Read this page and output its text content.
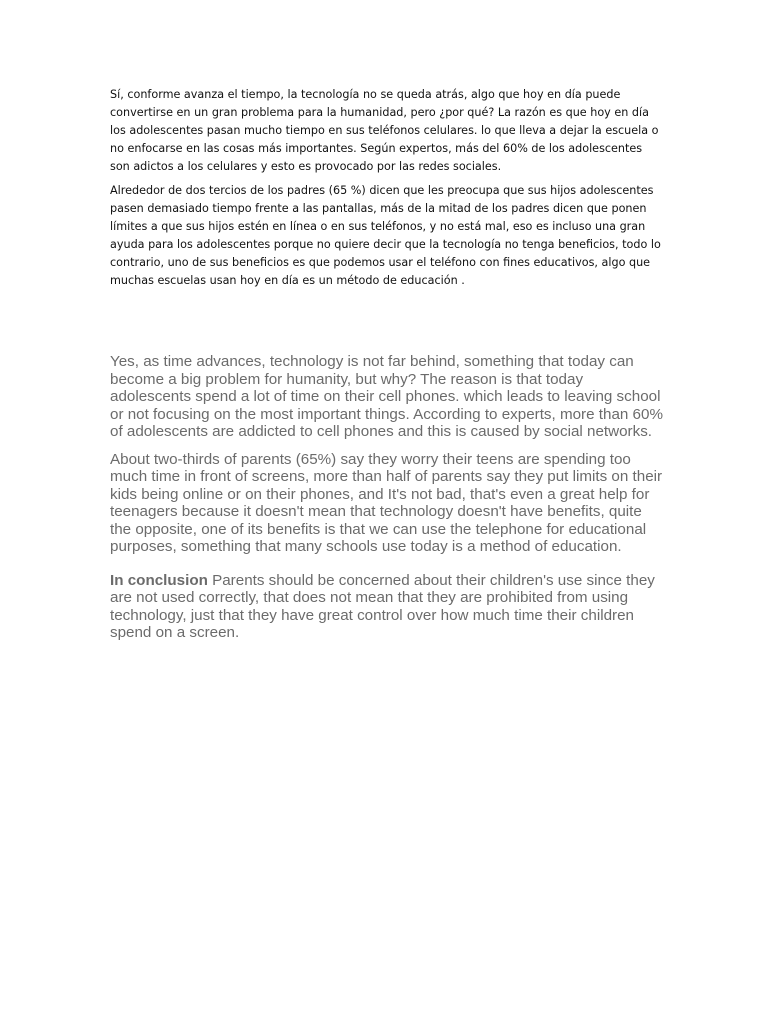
Sí, conforme avanza el tiempo, la tecnología no se queda atrás, algo que hoy en día puede convertirse en un gran problema para la humanidad, pero ¿por qué? La razón es que hoy en día los adolescentes pasan mucho tiempo en sus teléfonos celulares. lo que lleva a dejar la escuela o no enfocarse en las cosas más importantes. Según expertos, más del 60% de los adolescentes son adictos a los celulares y esto es provocado por las redes sociales.

Alrededor de dos tercios de los padres (65 %) dicen que les preocupa que sus hijos adolescentes pasen demasiado tiempo frente a las pantallas, más de la mitad de los padres dicen que ponen límites a que sus hijos estén en línea o en sus teléfonos, y no está mal, eso es incluso una gran ayuda para los adolescentes porque no quiere decir que la tecnología no tenga beneficios, todo lo contrario, uno de sus beneficios es que podemos usar el teléfono con fines educativos, algo que muchas escuelas usan hoy en día es un método de educación .

Yes, as time advances, technology is not far behind, something that today can become a big problem for humanity, but why? The reason is that today adolescents spend a lot of time on their cell phones. which leads to leaving school or not focusing on the most important things. According to experts, more than 60% of adolescents are addicted to cell phones and this is caused by social networks.

About two-thirds of parents (65%) say they worry their teens are spending too much time in front of screens, more than half of parents say they put limits on their kids being online or on their phones, and It's not bad, that's even a great help for teenagers because it doesn't mean that technology doesn't have benefits, quite the opposite, one of its benefits is that we can use the telephone for educational purposes, something that many schools use today is a method of education.

In conclusion Parents should be concerned about their children's use since they are not used correctly, that does not mean that they are prohibited from using technology, just that they have great control over how much time their children spend on a screen.
